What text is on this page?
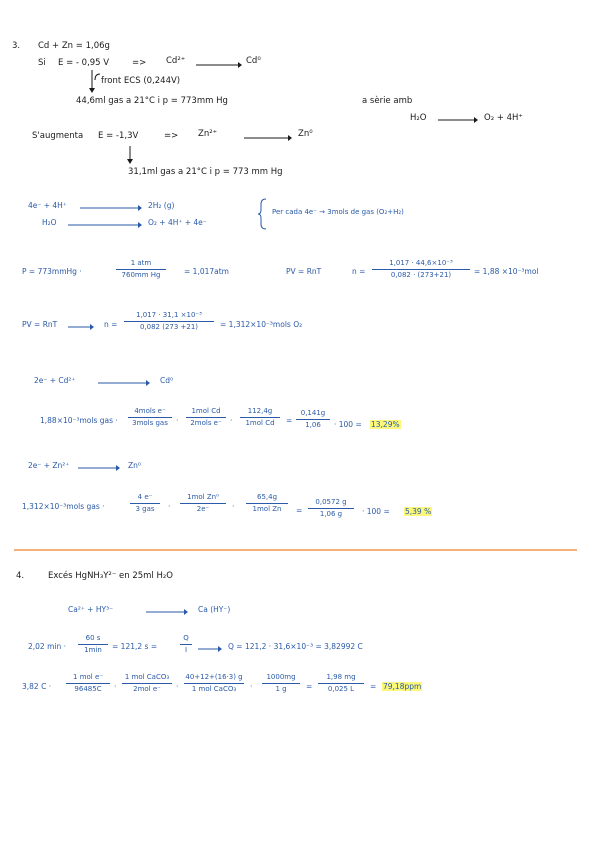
3. Cd + Zn = 1,06g
Si E = - 0,95 V	=> Cd²⁺	Cd⁰
front ECS (0,244V)
44,6ml gas a 21°C i p = 773mm Hg	a sèrie amb
H₂O	O₂ + 4H⁺
S'augmenta E = -1,3V	=> Zn²⁺	Zn⁰
31,1ml gas a 21°C i p = 773 mm Hg
4e⁻ + 4H⁺	2H₂ (g)
H₂O	O₂ + 4H⁺ + 4e⁻
Per cada 4e⁻ → 3mols de gas (O₂+H₂)
P = 773mmHg ·
1 atm
760mm Hg	= 1,017atm	PV = RnT	n =
1,017 · 44,6×10⁻³
0,082 · (273+21)	= 1,88 ×10⁻³mol
PV = RnT	n =
1,017 · 31,1 ×10⁻³
0,082 (273 +21)	= 1,312×10⁻³mols O₂
2e⁻ + Cd²⁺	Cd⁰
1,88×10⁻³mols gas ·
4mols e⁻
3mols gas	·
1mol Cd
2mols e⁻	·
112,4g
1mol Cd	=
0,141g
1,06	· 100 = 13,29%
2e⁻ + Zn²⁺	Zn⁰
1,312×10⁻³mols gas ·
4 e⁻
3 gas	·
1mol Zn⁰
2e⁻	·
65,4g
1mol Zn	=
0,0572 g
1,06 g	· 100 = 5,39 %
4.	Excés HgNH₃Y²⁻ en 25ml H₂O
Ca²⁺ + HY³⁻	Ca (HY⁻)
2,02 min ·
60 s
1min	= 121,2 s =
Q
I	Q = 121,2 · 31,6×10⁻³ = 3,82992 C
3,82 C ·
1 mol e⁻
96485C	·
1 mol CaCO₃
2mol e⁻	·
40+12+(16·3) g
1 mol CaCO₃	·
1000mg
1 g	=
1,98 mg
0,025 L	= 79,18ppm
